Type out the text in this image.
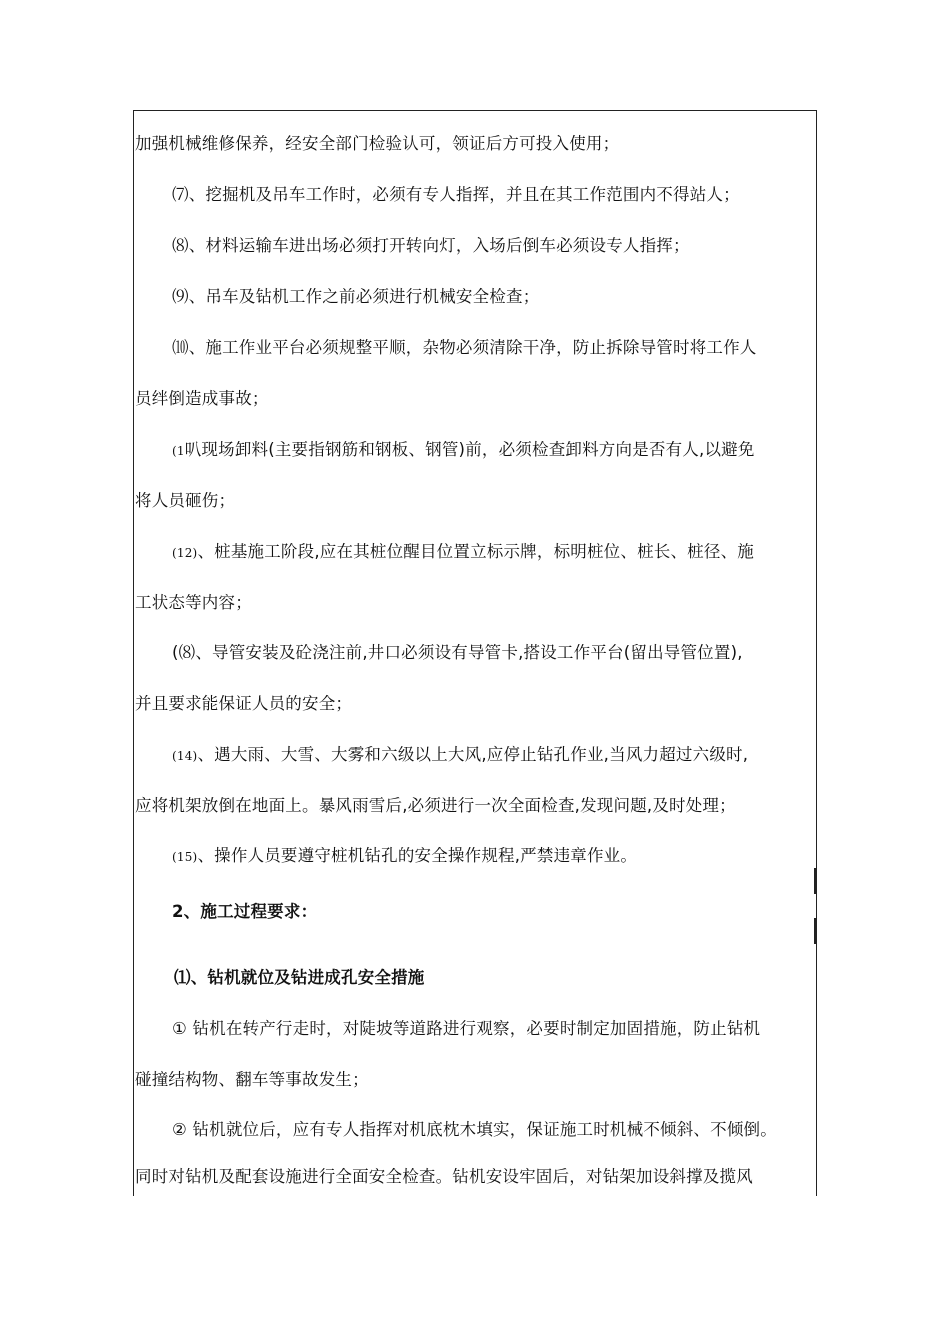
加强机械维修保养，经安全部门检验认可，领证后方可投入使用；
⑺、挖掘机及吊车工作时，必须有专人指挥，并且在其工作范围内不得站人；
⑻、材料运输车进出场必须打开转向灯，入场后倒车必须设专人指挥；
⑼、吊车及钻机工作之前必须进行机械安全检查；
⑽、施工作业平台必须规整平顺，杂物必须清除干净，防止拆除导管时将工作人
员绊倒造成事故；
(1叭现场卸料(主要指钢筋和钢板、钢管)前，必须检查卸料方向是否有人,以避免
将人员砸伤；
(12)、桩基施工阶段,应在其桩位醒目位置立标示牌，标明桩位、桩长、桩径、施
工状态等内容；
(⑻、导管安装及砼浇注前,井口必须设有导管卡,搭设工作平台(留出导管位置),
并且要求能保证人员的安全；
(14)、遇大雨、大雪、大雾和六级以上大风,应停止钻孔作业,当风力超过六级时,
应将机架放倒在地面上。暴风雨雪后,必须进行一次全面检查,发现问题,及时处理；
(15)、操作人员要遵守桩机钻孔的安全操作规程,严禁违章作业。
2、施工过程要求：
⑴、钻机就位及钻进成孔安全措施
① 钻机在转产行走时，对陡坡等道路进行观察，必要时制定加固措施，防止钻机
碰撞结构物、翻车等事故发生；
② 钻机就位后，应有专人指挥对机底枕木填实，保证施工时机械不倾斜、不倾倒。
同时对钻机及配套设施进行全面安全检查。钻机安设牢固后，对钻架加设斜撑及揽风
